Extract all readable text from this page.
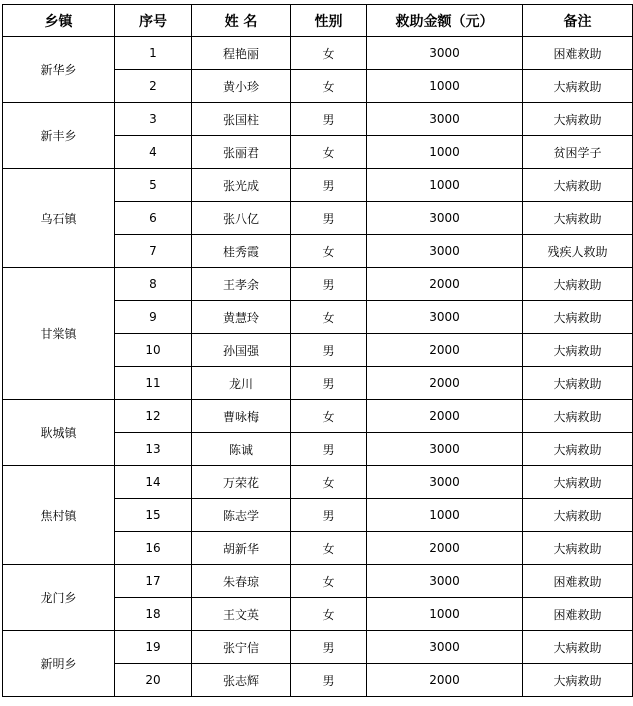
乡镇	序号	姓 名	性别	救助金额（元）	备注
新华乡	1	程艳丽	女	3000	困难救助
	2	黄小珍	女	1000	大病救助
新丰乡	3	张国柱	男	3000	大病救助
	4	张丽君	女	1000	贫困学子
乌石镇	5	张光成	男	1000	大病救助
	6	张八亿	男	3000	大病救助
	7	桂秀霞	女	3000	残疾人救助
甘棠镇	8	王孝余	男	2000	大病救助
	9	黄慧玲	女	3000	大病救助
	10	孙国强	男	2000	大病救助
	11	龙川	男	2000	大病救助
耿城镇	12	曹咏梅	女	2000	大病救助
	13	陈诚	男	3000	大病救助
焦村镇	14	万荣花	女	3000	大病救助
	15	陈志学	男	1000	大病救助
	16	胡新华	女	2000	大病救助
龙门乡	17	朱春琼	女	3000	困难救助
	18	王文英	女	1000	困难救助
新明乡	19	张宁信	男	3000	大病救助
	20	张志辉	男	2000	大病救助
